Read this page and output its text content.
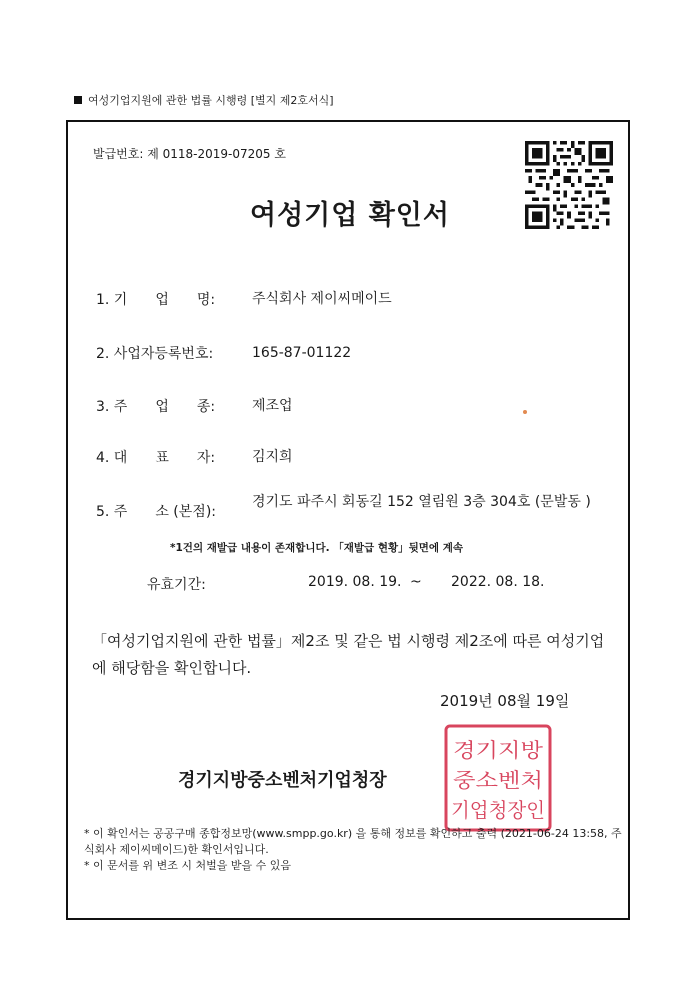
여성기업지원에 관한 법률 시행령 [별지 제2호서식]
발급번호: 제 0118-2019-07205 호
여성기업 확인서
1. 기　　업　　명:	주식회사 제이씨메이드
2. 사업자등록번호:	165-87-01122
3. 주　　업　　종:	제조업
4. 대　　표　　자:	김지희
5. 주　　소 (본점):
경기도 파주시 회동길 152 열림원 3층 304호 (문발동 )
*1건의 재발급 내용이 존재합니다. 「재발급 현황」뒷면에 계속
유효기간:	2019. 08. 19. ~ 2022. 08. 18.
「여성기업지원에 관한 법률」제2조 및 같은 법 시행령 제2조에 따른 여성기업에 해당함을 확인합니다.
2019년 08월 19일
경기지방중소벤처기업청장
경기지방
중소벤처
기업청장인
* 이 확인서는 공공구매 종합정보망(www.smpp.go.kr) 을 통해 정보를 확인하고 출력 (2021-06-24 13:58, 주식회사 제이씨메이드)한 확인서입니다.
* 이 문서를 위 변조 시 처벌을 받을 수 있음
